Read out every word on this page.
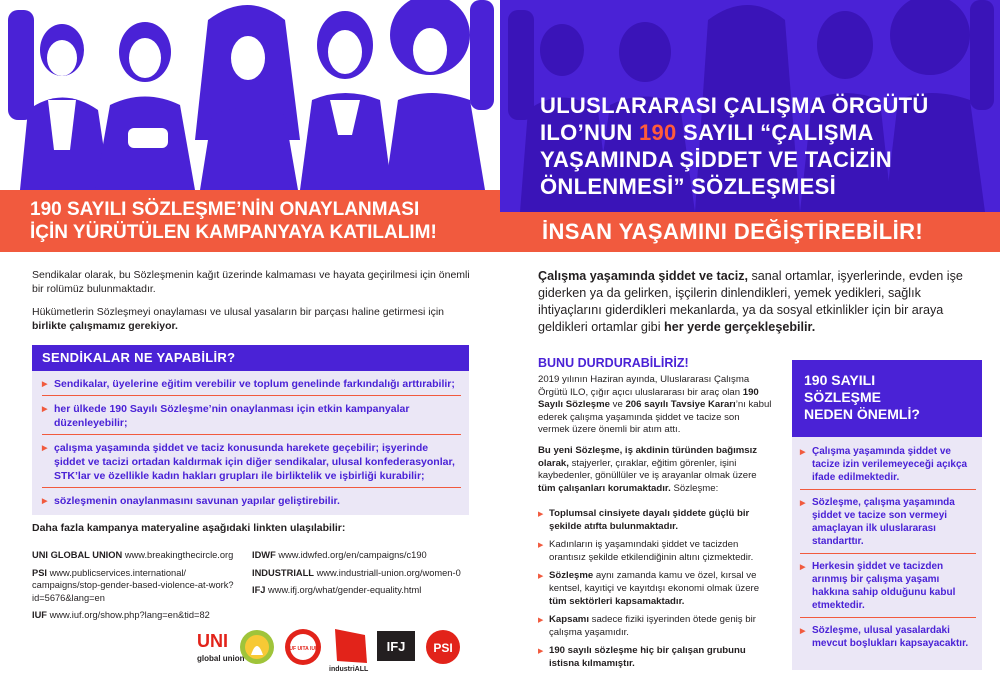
ULUSLARARASI ÇALIŞMA ÖRGÜTÜ
ILO’NUN 190 SAYILI “ÇALIŞMA
YAŞAMINDA ŞİDDET VE TACİZİN
ÖNLENMESİ” SÖZLEŞMESİ
190 SAYILI SÖZLEŞME’NİN ONAYLANMASI
İÇİN YÜRÜTÜLEN KAMPANYAYA KATILALIM!	İNSAN YAŞAMINI DEĞİŞTİREBİLİR!

Sendikalar olarak, bu Sözleşmenin kağıt üzerinde kalmaması ve hayata geçirilmesi için önemli bir rolümüz bulunmaktadır.

Hükümetlerin Sözleşmeyi onaylaması ve ulusal yasaların bir parçası haline getirmesi için birlikte çalışmamız gerekiyor.

SENDİKALAR NE YAPABİLİR?
▶ Sendikalar, üyelerine eğitim verebilir ve toplum genelinde farkındalığı arttırabilir;
▶ her ülkede 190 Sayılı Sözleşme’nin onaylanması için etkin kampanyalar düzenleyebilir;
▶ çalışma yaşamında şiddet ve taciz konusunda harekete geçebilir; işyerinde şiddet ve tacizi ortadan kaldırmak için diğer sendikalar, ulusal konfederasyonlar, STK’lar ve özellikle kadın hakları grupları ile birliktelik ve işbirliği kurabilir;
▶ sözleşmenin onaylanmasını savunan yapılar geliştirebilir.
Daha fazla kampanya materyaline aşağıdaki linkten ulaşılabilir:
UNI GLOBAL UNION www.breakingthecircle.org
PSI www.publicservices.international/ campaigns/stop-gender-based-violence-at-work?id=5676&lang=en
IUF www.iuf.org/show.php?lang=en&tid=82
IDWF www.idwfed.org/en/campaigns/c190
INDUSTRIALL www.industriall-union.org/women-0
IFJ www.ifj.org/what/gender-equality.html
UNI
global union
IUF UITA IUL
industriALL
IFJ PSI

Çalışma yaşamında şiddet ve taciz, sanal ortamlar, işyerlerinde, evden işe giderken ya da gelirken, işçilerin dinlendikleri, yemek yedikleri, sağlık ihtiyaçlarını giderdikleri mekanlarda, ya da sosyal etkinlikler için bir araya geldikleri ortamlar gibi her yerde gerçekleşebilir.

BUNU DURDURABİLİRİZ!

2019 yılının Haziran ayında, Uluslararası Çalışma Örgütü ILO, çığır açıcı uluslararası bir araç olan 190 Sayılı Sözleşme ve 206 sayılı Tavsiye Kararı’nı kabul ederek çalışma yaşamında şiddet ve tacize son vermek üzere önemli bir atım attı.

Bu yeni Sözleşme, iş akdinin türünden bağımsız olarak, stajyerler, çıraklar, eğitim görenler, işini kaybedenler, gönüllüler ve iş arayanlar olmak üzere tüm çalışanları korumaktadır. Sözleşme:

▶ Toplumsal cinsiyete dayalı şiddete güçlü bir şekilde atıfta bulunmaktadır.
▶ Kadınların iş yaşamındaki şiddet ve tacizden orantısız şekilde etkilendiğinin altını çizmektedir.
▶ Sözleşme aynı zamanda kamu ve özel, kırsal ve kentsel, kayıtiçi ve kayıtdışı ekonomi olmak üzere tüm sektörleri kapsamaktadır.
▶ Kapsamı sadece fiziki işyerinden ötede geniş bir çalışma yaşamıdır.
▶ 190 sayılı sözleşme hiç bir çalışan grubunu istisna kılmamıştır.
190 SAYILI
SÖZLEŞME
NEDEN ÖNEMLİ?
▶ Çalışma yaşamında şiddet ve tacize izin verilemeyeceği açıkça ifade edilmektedir.
▶ Sözleşme, çalışma yaşamında şiddet ve tacize son vermeyi amaçlayan ilk uluslararası standarttır.
▶ Herkesin şiddet ve tacizden arınmış bir çalışma yaşamı hakkına sahip olduğunu kabul etmektedir.
▶ Sözleşme, ulusal yasalardaki mevcut boşlukları kapsayacaktır.
